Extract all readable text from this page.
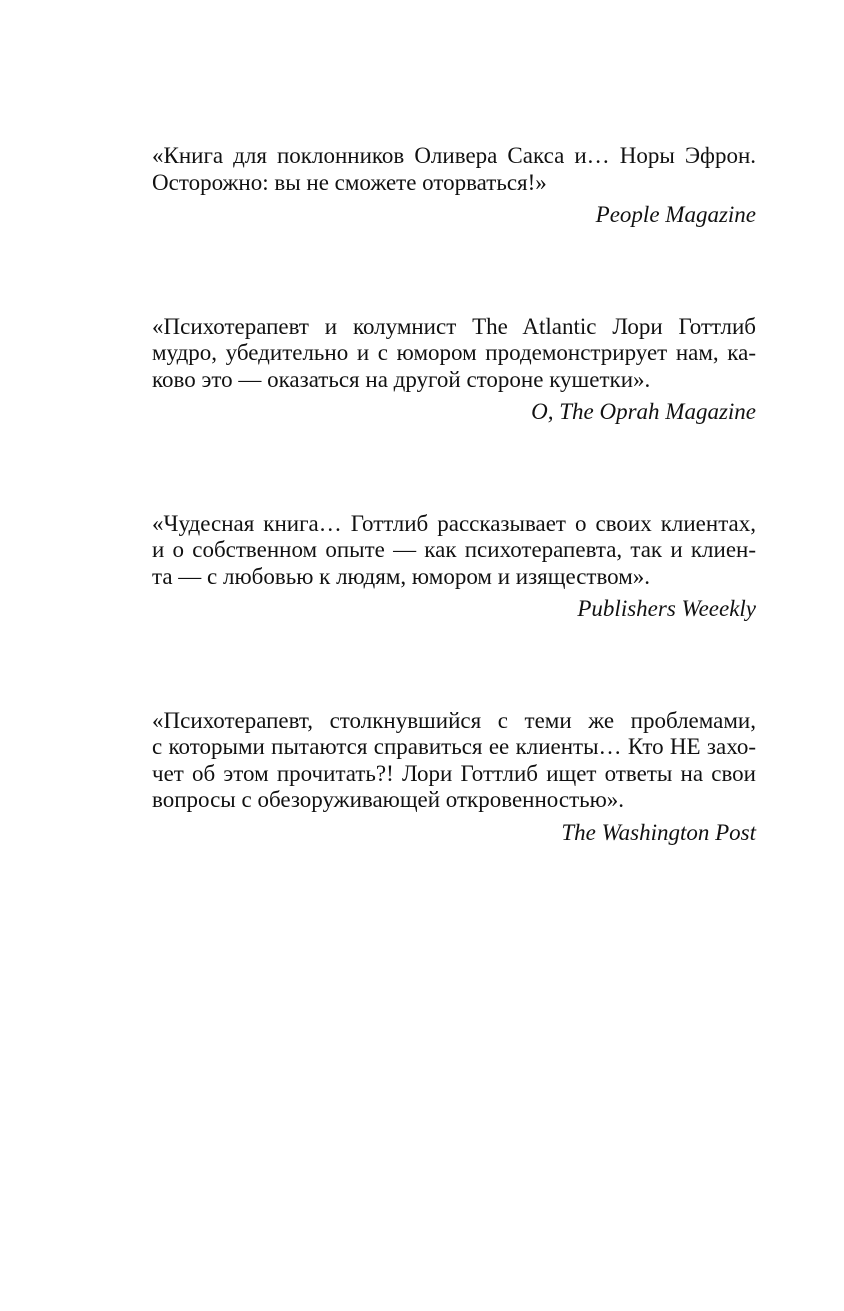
«Книга для поклонников Оливера Сакса и… Норы Эфрон.
Осторожно: вы не сможете оторваться!»

People Magazine

«Психотерапевт и колумнист The Atlantic Лори Готтлиб
мудро, убедительно и с юмором продемонстрирует нам, ка-
ково это — оказаться на другой стороне кушетки».

O, The Oprah Magazine

«Чудесная книга… Готтлиб рассказывает о своих клиентах,
и о собственном опыте — как психотерапевта, так и клиен-
та — с любовью к людям, юмором и изяществом».

Publishers Weeekly

«Психотерапевт, столкнувшийся с теми же проблемами,
с которыми пытаются справиться ее клиенты… Кто НЕ захо-
чет об этом прочитать?! Лори Готтлиб ищет ответы на свои
вопросы с обезоруживающей откровенностью».

The Washington Post
